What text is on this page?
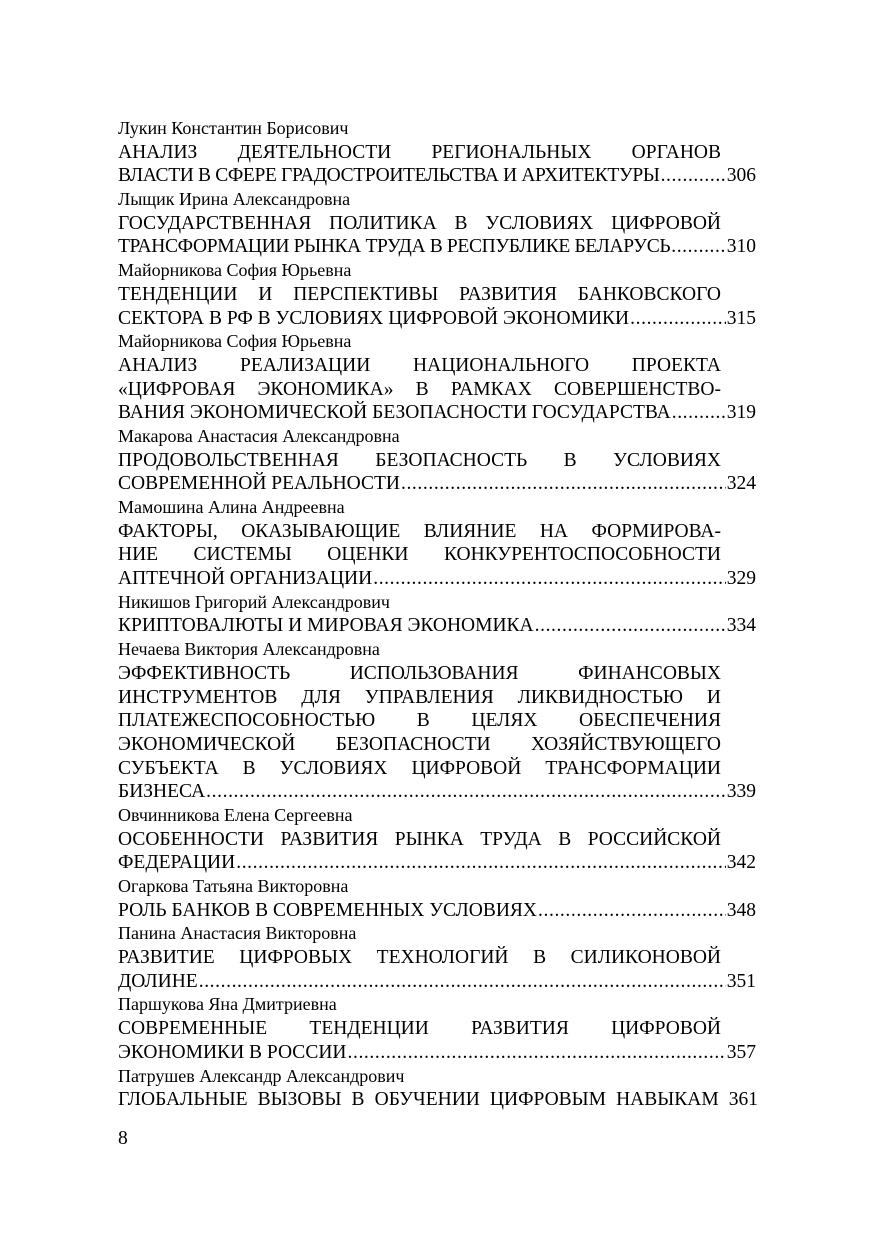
Лукин Константин Борисович
АНАЛИЗ ДЕЯТЕЛЬНОСТИ РЕГИОНАЛЬНЫХ ОРГАНОВ
ВЛАСТИ В СФЕРЕ ГРАДОСТРОИТЕЛЬСТВА И АРХИТЕКТУРЫ .....	306
Лыщик Ирина Александровна
ГОСУДАРСТВЕННАЯ ПОЛИТИКА В УСЛОВИЯХ ЦИФРОВОЙ
ТРАНСФОРМАЦИИ РЫНКА ТРУДА В РЕСПУБЛИКЕ БЕЛАРУСЬ .....	310
Майорникова София Юрьевна
ТЕНДЕНЦИИ И ПЕРСПЕКТИВЫ РАЗВИТИЯ БАНКОВСКОГО
СЕКТОРА В РФ В УСЛОВИЯХ ЦИФРОВОЙ ЭКОНОМИКИ .....	315
Майорникова София Юрьевна
АНАЛИЗ РЕАЛИЗАЦИИ НАЦИОНАЛЬНОГО ПРОЕКТА
«ЦИФРОВАЯ ЭКОНОМИКА» В РАМКАХ СОВЕРШЕНСТВО-
ВАНИЯ ЭКОНОМИЧЕСКОЙ БЕЗОПАСНОСТИ ГОСУДАРСТВА .....	319
Макарова Анастасия Александровна
ПРОДОВОЛЬСТВЕННАЯ БЕЗОПАСНОСТЬ В УСЛОВИЯХ
СОВРЕМЕННОЙ РЕАЛЬНОСТИ .....	324
Мамошина Алина Андреевна
ФАКТОРЫ, ОКАЗЫВАЮЩИЕ ВЛИЯНИЕ НА ФОРМИРОВА-
НИЕ СИСТЕМЫ ОЦЕНКИ КОНКУРЕНТОСПОСОБНОСТИ
АПТЕЧНОЙ ОРГАНИЗАЦИИ .....	329
Никишов Григорий Александрович
КРИПТОВАЛЮТЫ И МИРОВАЯ ЭКОНОМИКА .....	334
Нечаева Виктория Александровна
ЭФФЕКТИВНОСТЬ ИСПОЛЬЗОВАНИЯ ФИНАНСОВЫХ
ИНСТРУМЕНТОВ ДЛЯ УПРАВЛЕНИЯ ЛИКВИДНОСТЬЮ И
ПЛАТЕЖЕСПОСОБНОСТЬЮ В ЦЕЛЯХ ОБЕСПЕЧЕНИЯ
ЭКОНОМИЧЕСКОЙ БЕЗОПАСНОСТИ ХОЗЯЙСТВУЮЩЕГО
СУБЪЕКТА В УСЛОВИЯХ ЦИФРОВОЙ ТРАНСФОРМАЦИИ
БИЗНЕСА .....	339
Овчинникова Елена Сергеевна
ОСОБЕННОСТИ РАЗВИТИЯ РЫНКА ТРУДА В РОССИЙСКОЙ
ФЕДЕРАЦИИ .....	342
Огаркова Татьяна Викторовна
РОЛЬ БАНКОВ В СОВРЕМЕННЫХ УСЛОВИЯХ .....	348
Панина Анастасия Викторовна
РАЗВИТИЕ ЦИФРОВЫХ ТЕХНОЛОГИЙ В СИЛИКОНОВОЙ
ДОЛИНЕ .....	351
Паршукова Яна Дмитриевна
СОВРЕМЕННЫЕ ТЕНДЕНЦИИ РАЗВИТИЯ ЦИФРОВОЙ
ЭКОНОМИКИ В РОССИИ .....	357
Патрушев Александр Александрович
ГЛОБАЛЬНЫЕ ВЫЗОВЫ В ОБУЧЕНИИ ЦИФРОВЫМ НАВЫКАМ 361
8
